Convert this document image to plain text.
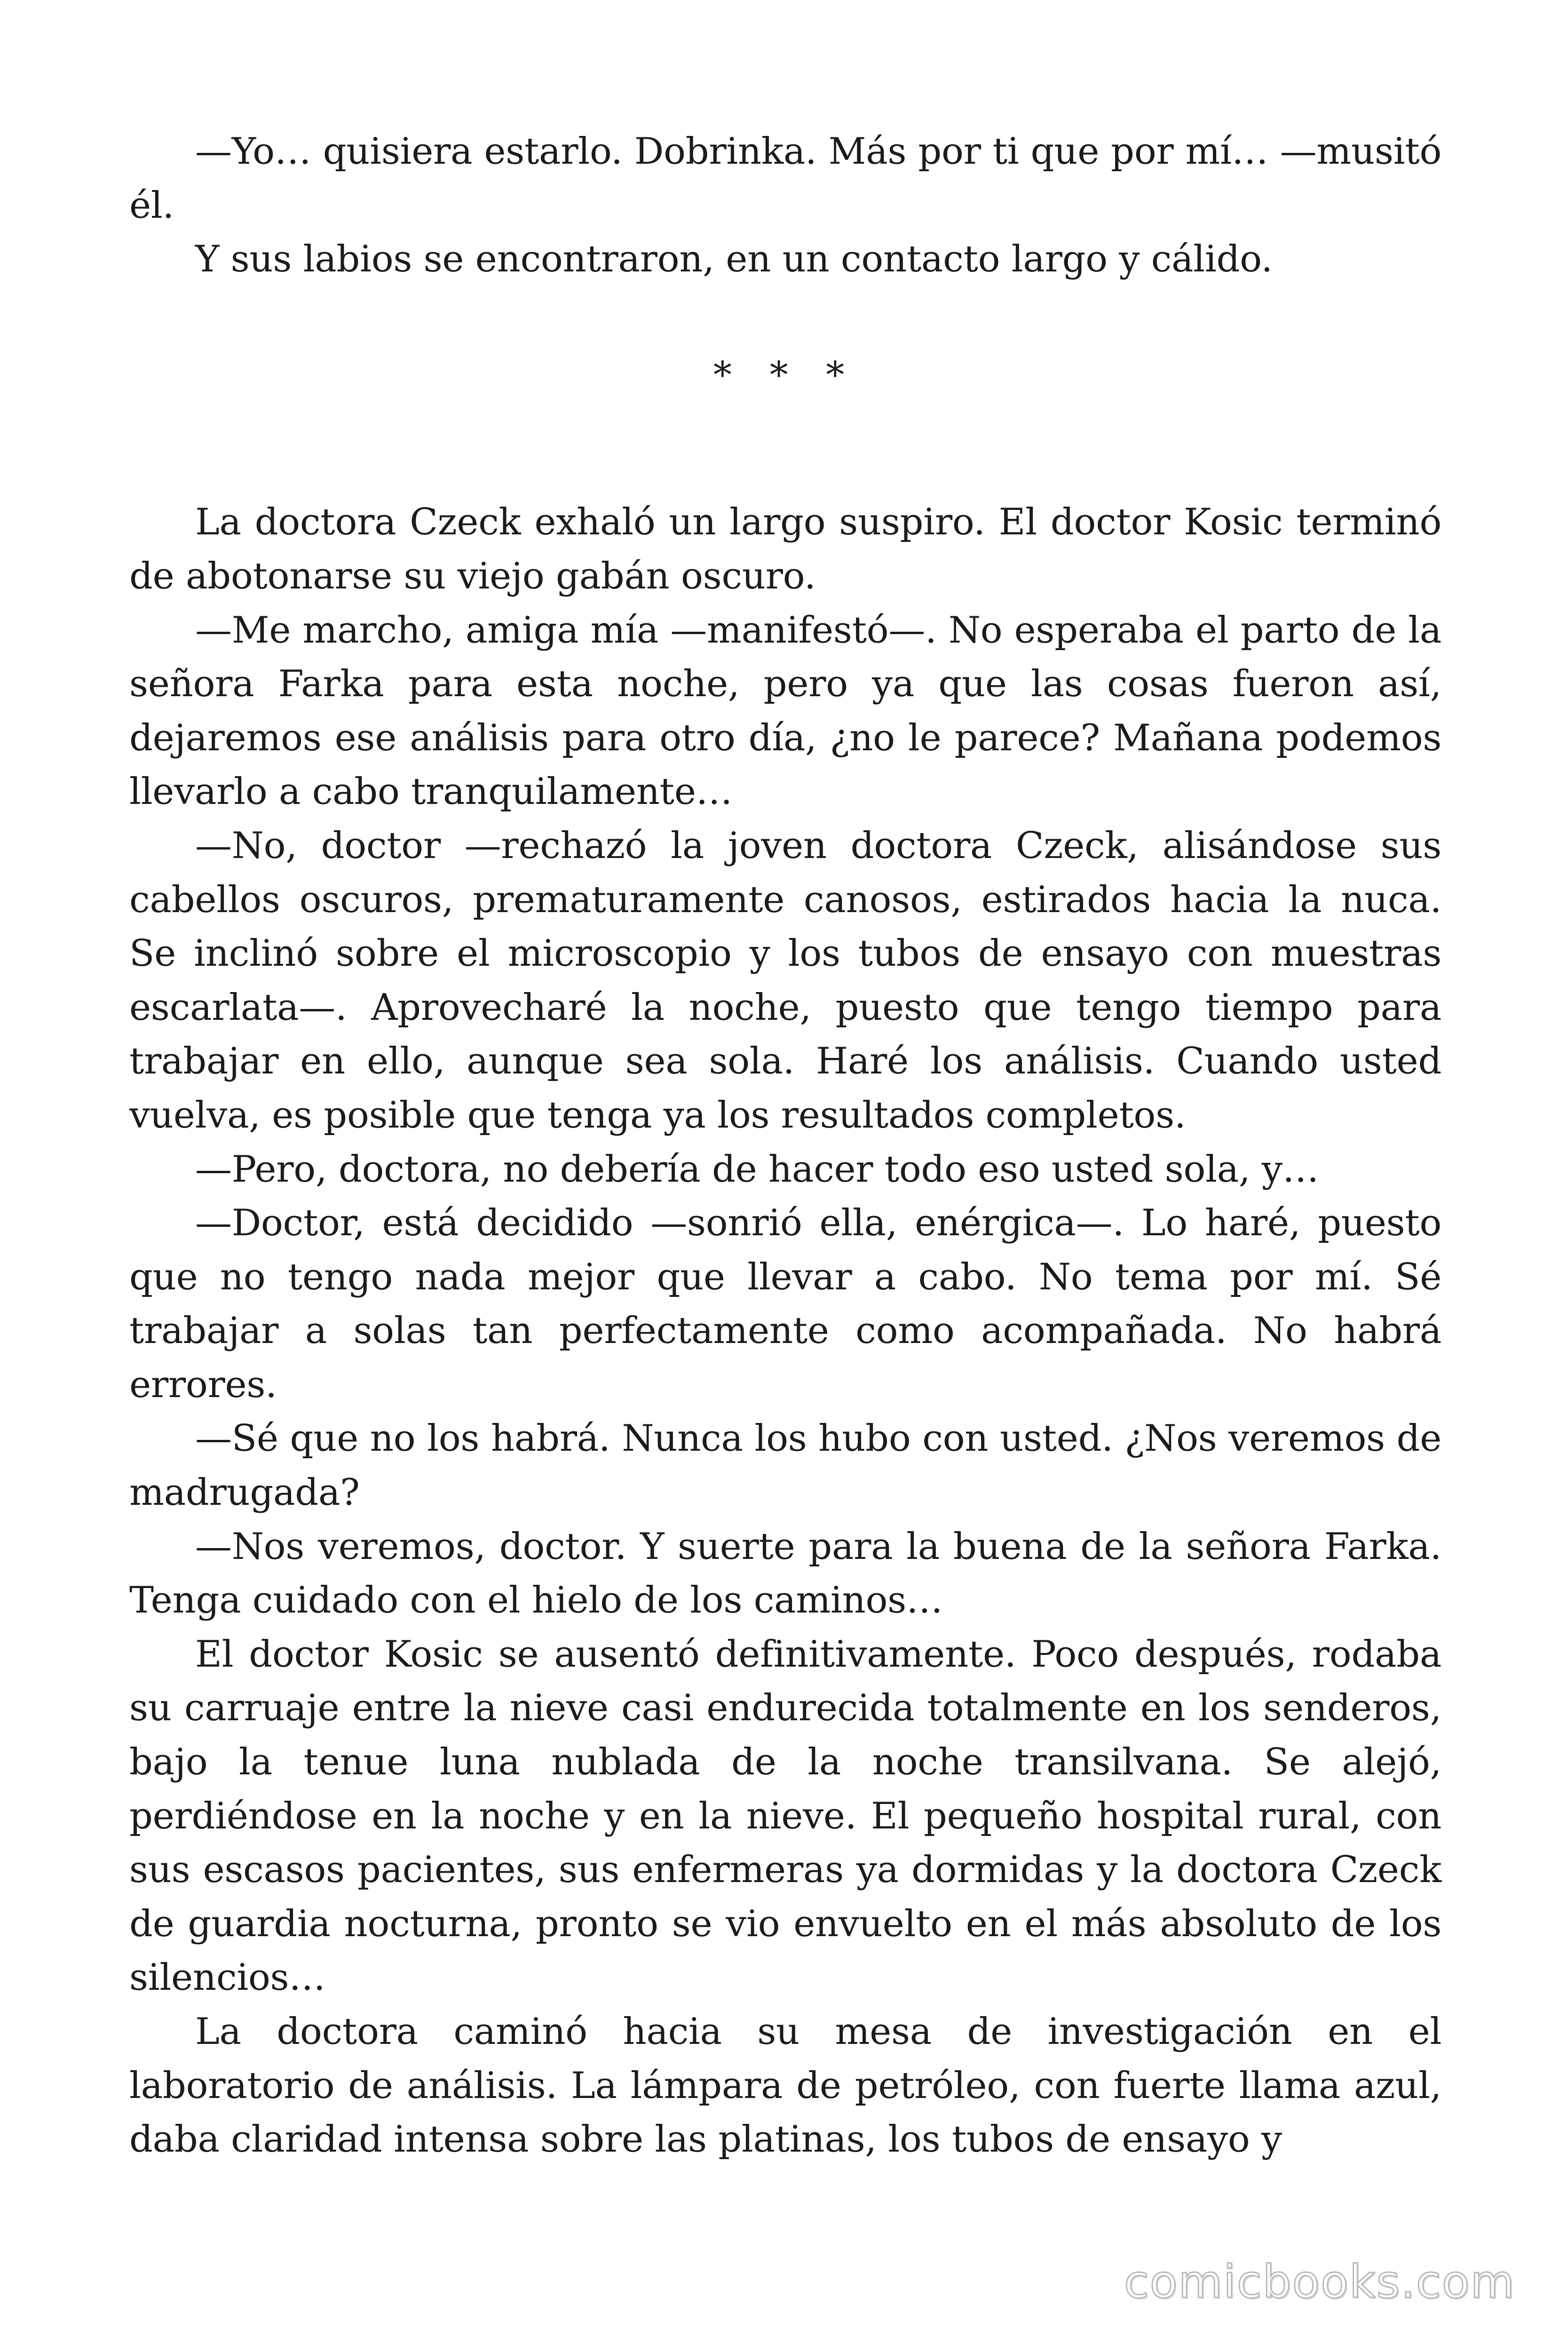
—Yo… quisiera estarlo. Dobrinka. Más por ti que por mí… —musitó él.

Y sus labios se encontraron, en un contacto largo y cálido.

* * *

La doctora Czeck exhaló un largo suspiro. El doctor Kosic terminó de abotonarse su viejo gabán oscuro.

—Me marcho, amiga mía —manifestó—. No esperaba el parto de la señora Farka para esta noche, pero ya que las cosas fueron así, dejaremos ese análisis para otro día, ¿no le parece? Mañana podemos llevarlo a cabo tranquilamente…

—No, doctor —rechazó la joven doctora Czeck, alisándose sus cabellos oscuros, prematuramente canosos, estirados hacia la nuca. Se inclinó sobre el microscopio y los tubos de ensayo con muestras escarlata—. Aprovecharé la noche, puesto que tengo tiempo para trabajar en ello, aunque sea sola. Haré los análisis. Cuando usted vuelva, es posible que tenga ya los resultados completos.

—Pero, doctora, no debería de hacer todo eso usted sola, y…

—Doctor, está decidido —sonrió ella, enérgica—. Lo haré, puesto que no tengo nada mejor que llevar a cabo. No tema por mí. Sé trabajar a solas tan perfectamente como acompañada. No habrá errores.

—Sé que no los habrá. Nunca los hubo con usted. ¿Nos veremos de madrugada?

—Nos veremos, doctor. Y suerte para la buena de la señora Farka. Tenga cuidado con el hielo de los caminos…

El doctor Kosic se ausentó definitivamente. Poco después, rodaba su carruaje entre la nieve casi endurecida totalmente en los senderos, bajo la tenue luna nublada de la noche transilvana. Se alejó, perdiéndose en la noche y en la nieve. El pequeño hospital rural, con sus escasos pacientes, sus enfermeras ya dormidas y la doctora Czeck de guardia nocturna, pronto se vio envuelto en el más absoluto de los silencios…

La doctora caminó hacia su mesa de investigación en el laboratorio de análisis. La lámpara de petróleo, con fuerte llama azul, daba claridad intensa sobre las platinas, los tubos de ensayo y

comicbooks.com
